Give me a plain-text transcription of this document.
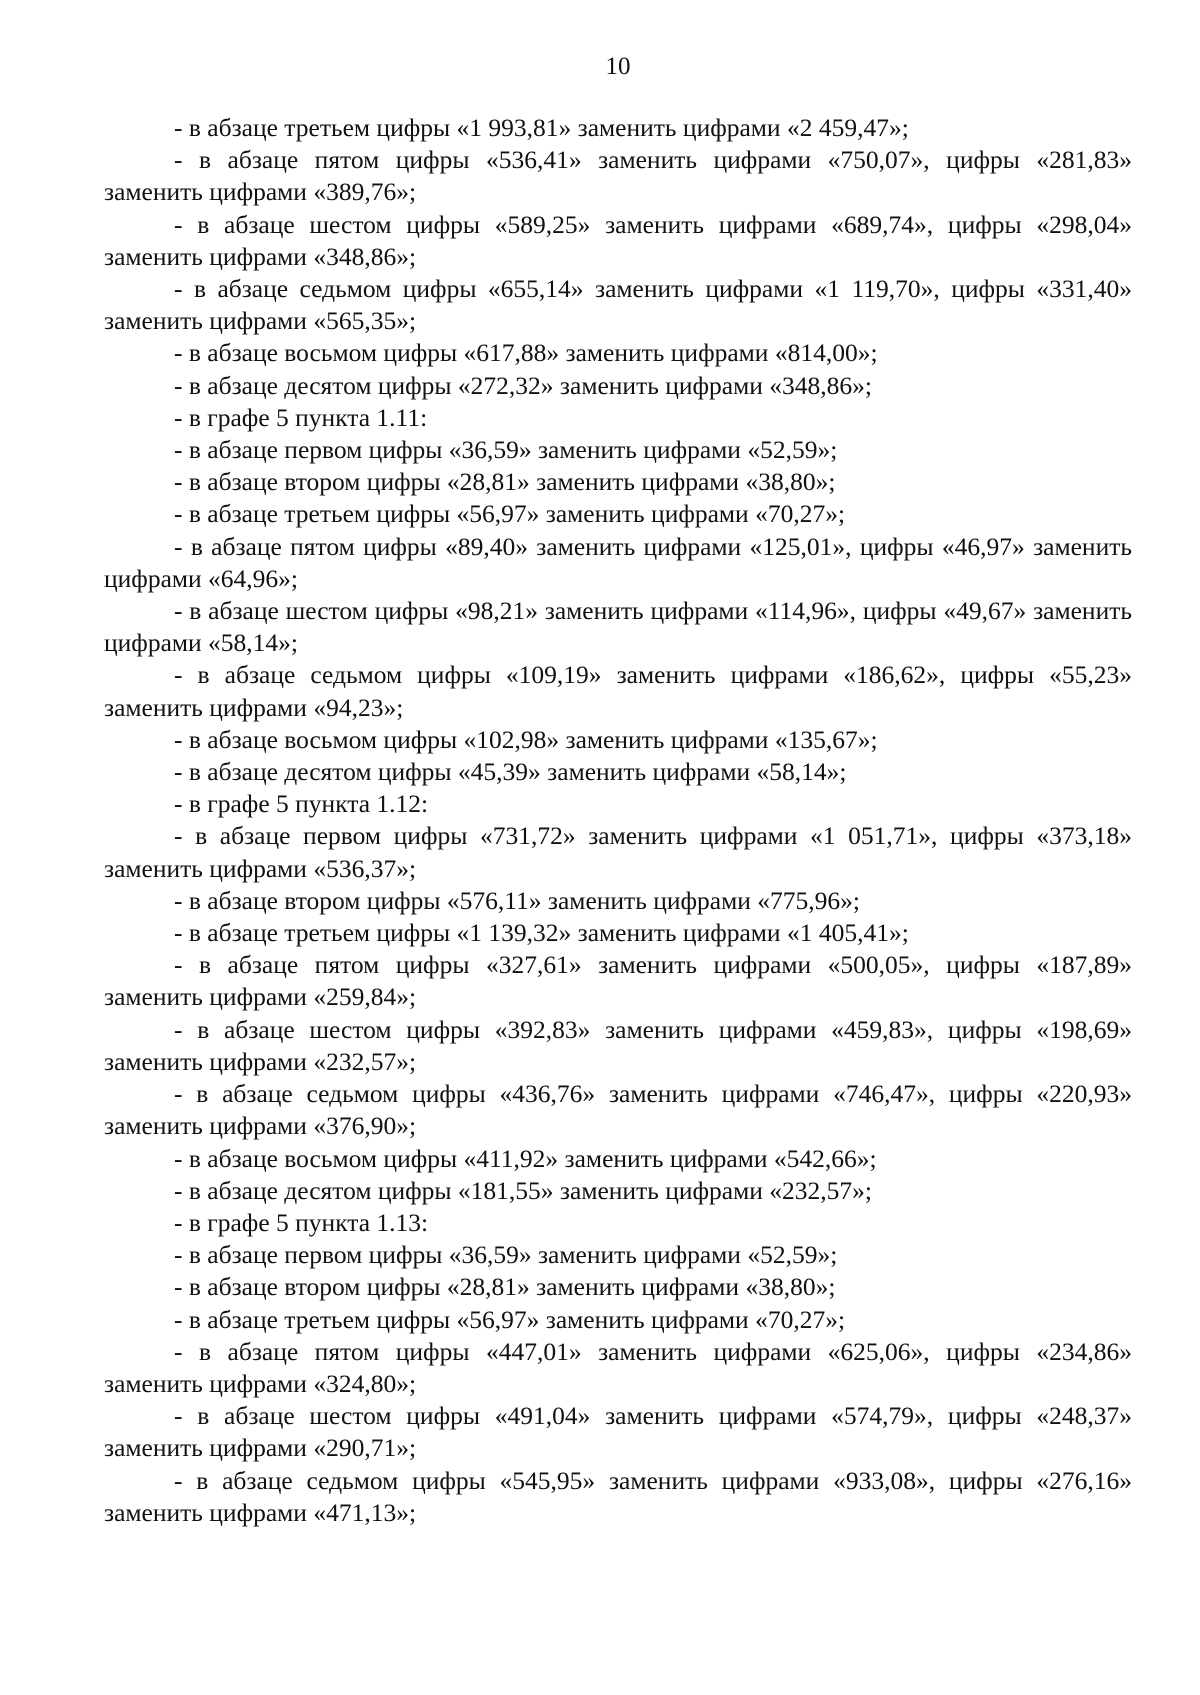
10

- в абзаце третьем цифры «1 993,81» заменить цифрами «2 459,47»;

- в абзаце пятом цифры «536,41» заменить цифрами «750,07», цифры «281,83» заменить цифрами «389,76»;

- в абзаце шестом цифры «589,25» заменить цифрами «689,74», цифры «298,04» заменить цифрами «348,86»;

- в абзаце седьмом цифры «655,14» заменить цифрами «1 119,70», цифры «331,40» заменить цифрами «565,35»;

- в абзаце восьмом цифры «617,88» заменить цифрами «814,00»;

- в абзаце десятом цифры «272,32» заменить цифрами «348,86»;

- в графе 5 пункта 1.11:

- в абзаце первом цифры «36,59» заменить цифрами «52,59»;

- в абзаце втором цифры «28,81» заменить цифрами «38,80»;

- в абзаце третьем цифры «56,97» заменить цифрами «70,27»;

- в абзаце пятом цифры «89,40» заменить цифрами «125,01», цифры «46,97» заменить цифрами «64,96»;

- в абзаце шестом цифры «98,21» заменить цифрами «114,96», цифры «49,67» заменить цифрами «58,14»;

- в абзаце седьмом цифры «109,19» заменить цифрами «186,62», цифры «55,23» заменить цифрами «94,23»;

- в абзаце восьмом цифры «102,98» заменить цифрами «135,67»;

- в абзаце десятом цифры «45,39» заменить цифрами «58,14»;

- в графе 5 пункта 1.12:

- в абзаце первом цифры «731,72» заменить цифрами «1 051,71», цифры «373,18» заменить цифрами «536,37»;

- в абзаце втором цифры «576,11» заменить цифрами «775,96»;

- в абзаце третьем цифры «1 139,32» заменить цифрами «1 405,41»;

- в абзаце пятом цифры «327,61» заменить цифрами «500,05», цифры «187,89» заменить цифрами «259,84»;

- в абзаце шестом цифры «392,83» заменить цифрами «459,83», цифры «198,69» заменить цифрами «232,57»;

- в абзаце седьмом цифры «436,76» заменить цифрами «746,47», цифры «220,93» заменить цифрами «376,90»;

- в абзаце восьмом цифры «411,92» заменить цифрами «542,66»;

- в абзаце десятом цифры «181,55» заменить цифрами «232,57»;

- в графе 5 пункта 1.13:

- в абзаце первом цифры «36,59» заменить цифрами «52,59»;

- в абзаце втором цифры «28,81» заменить цифрами «38,80»;

- в абзаце третьем цифры «56,97» заменить цифрами «70,27»;

- в абзаце пятом цифры «447,01» заменить цифрами «625,06», цифры «234,86» заменить цифрами «324,80»;

- в абзаце шестом цифры «491,04» заменить цифрами «574,79», цифры «248,37» заменить цифрами «290,71»;

- в абзаце седьмом цифры «545,95» заменить цифрами «933,08», цифры «276,16» заменить цифрами «471,13»;
